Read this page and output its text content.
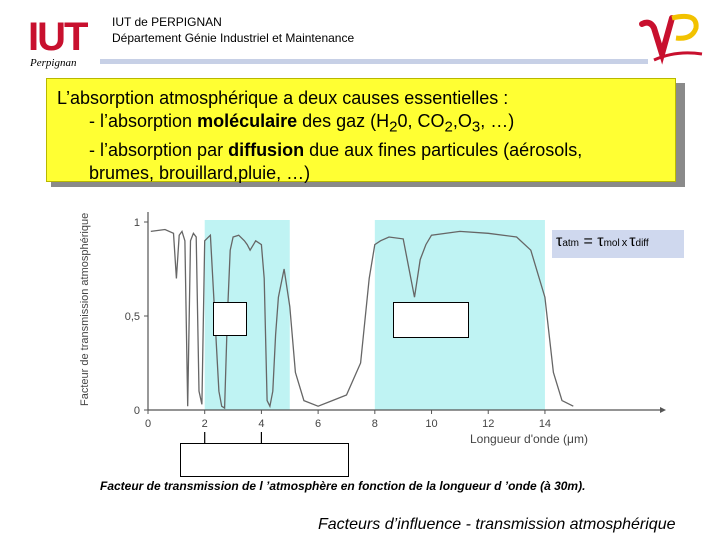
IUT
Perpignan
IUT de PERPIGNAN
Département Génie Industriel et Maintenance
L’absorption atmosphérique a deux causes essentielles :
- l’absorption moléculaire des gaz ($H_20$, $CO_2,O_3$, …)
- l’absorption par diffusion due aux fines particules (aérosols,
brumes, brouillard,pluie, …)
0
0,5
1
0	2	4	6	8	10	12	14
Facteur de transmission atmosphérique
Longueur d'onde (μm)
τatm = τmol x τdiff
Facteur de transmission de l ’atmosphère en fonction de la longueur d ’onde (à 30m).
Facteurs d’influence - transmission atmosphérique
